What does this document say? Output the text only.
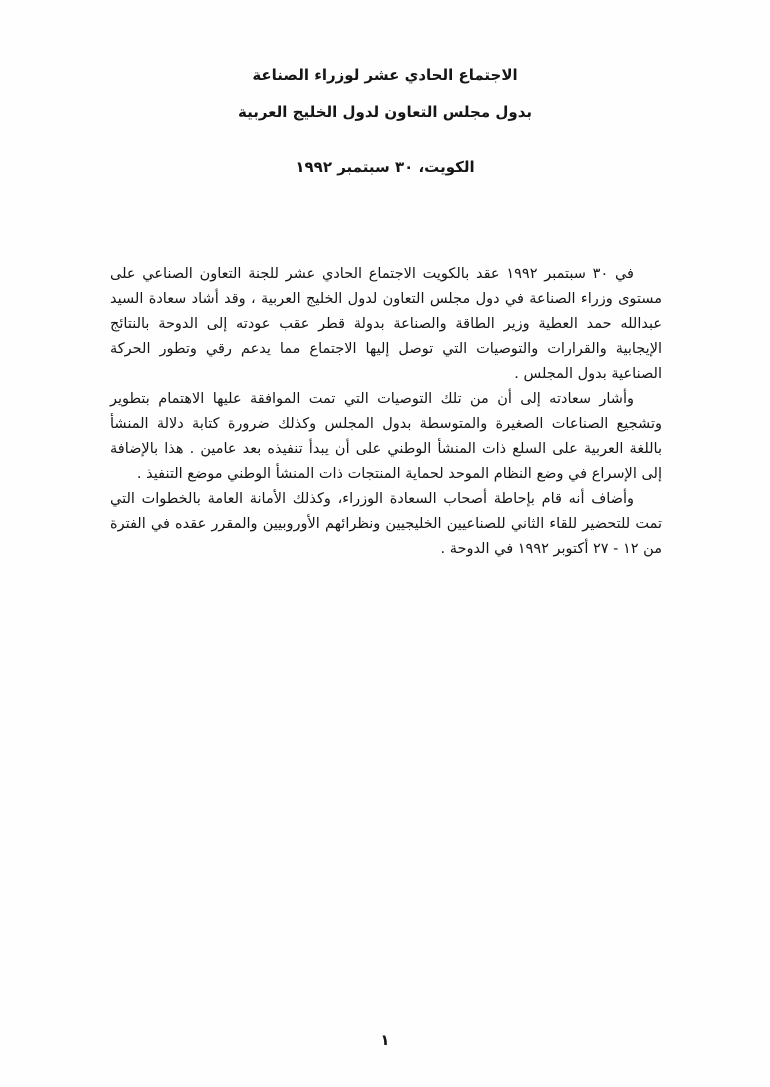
الاجتماع الحادي عشر لوزراء الصناعة
بدول مجلس التعاون لدول الخليج العربية
الكويت، ٣٠ سبتمبر ١٩٩٢

في ٣٠ سبتمبر ١٩٩٢ عقد بالكويت الاجتماع الحادي عشر للجنة التعاون الصناعي على مستوى وزراء الصناعة في دول مجلس التعاون لدول الخليج العربية ، وقد أشاد سعادة السيد عبدالله حمد العطية وزير الطاقة والصناعة بدولة قطر عقب عودته إلى الدوحة بالنتائج الإيجابية والقرارات والتوصيات التي توصل إليها الاجتماع مما يدعم رقي وتطور الحركة الصناعية بدول المجلس .

وأشار سعادته إلى أن من تلك التوصيات التي تمت الموافقة عليها الاهتمام بتطوير وتشجيع الصناعات الصغيرة والمتوسطة بدول المجلس وكذلك ضرورة كتابة دلالة المنشأ باللغة العربية على السلع ذات المنشأ الوطني على أن يبدأ تنفيذه بعد عامين . هذا بالإضافة إلى الإسراع في وضع النظام الموحد لحماية المنتجات ذات المنشأ الوطني موضع التنفيذ .

وأضاف أنه قام بإحاطة أصحاب السعادة الوزراء، وكذلك الأمانة العامة بالخطوات التي تمت للتحضير للقاء الثاني للصناعيين الخليجيين ونظرائهم الأوروبيين والمقرر عقده في الفترة من ١٢ - ٢٧ أكتوبر ١٩٩٢ في الدوحة .

١
